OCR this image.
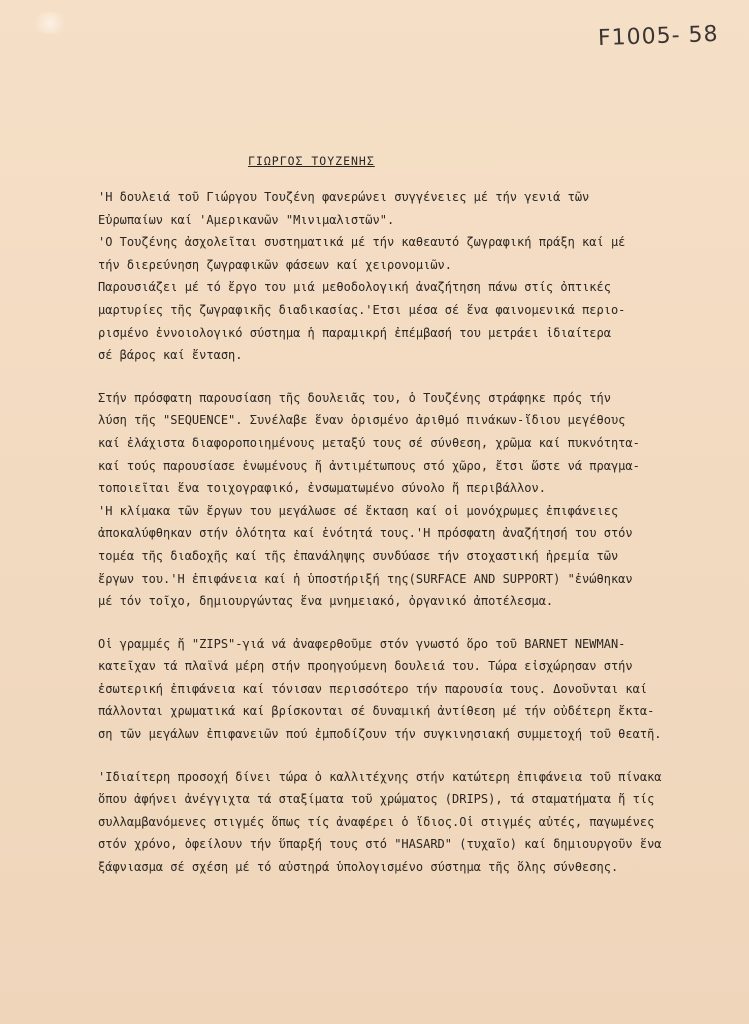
F1005- 58
ΓΙΩΡΓΟΣ ΤΟΥΖΕΝΗΣ
'Η δουλειά τοῦ Γιώργου Τουζένη φανερώνει συγγένειες μέ τήν γενιά τῶν
Εὐρωπαίων καί 'Αμερικανῶν "Μινιμαλιστῶν".
'Ο Τουζένης ἀσχολεῖται συστηματικά μέ τήν καθεαυτό ζωγραφική πράξη καί μέ
τήν διερεύνηση ζωγραφικῶν φάσεων καί χειρονομιῶν.
Παρουσιάζει μέ τό ἔργο του μιά μεθοδολογική ἀναζήτηση πάνω στίς ὀπτικές
μαρτυρίες τῆς ζωγραφικῆς διαδικασίας.'Ετσι μέσα σέ ἕνα φαινομενικά περιο-
ρισμένο ἐννοιολογικό σύστημα ἡ παραμικρή ἐπέμβασή του μετράει ἰδιαίτερα
σέ βάρος καί ἔνταση.
Στήν πρόσφατη παρουσίαση τῆς δουλειᾶς του, ὁ Τουζένης στράφηκε πρός τήν
λύση τῆς "SEQUENCE". Συνέλαβε ἕναν ὁρισμένο ἀριθμό πινάκων-ἴδιου μεγέθους
καί ἐλάχιστα διαφοροποιημένους μεταξύ τους σέ σύνθεση, χρῶμα καί πυκνότητα-
καί τούς παρουσίασε ἑνωμένους ἤ ἀντιμέτωπους στό χῶρο, ἔτσι ὥστε νά πραγμα-
τοποιεῖται ἕνα τοιχογραφικό, ἐνσωματωμένο σύνολο ἤ περιβάλλον.
'Η κλίμακα τῶν ἔργων του μεγάλωσε σέ ἔκταση καί οἱ μονόχρωμες ἐπιφάνειες
ἀποκαλύφθηκαν στήν ὁλότητα καί ἑνότητά τους.'Η πρόσφατη ἀναζήτησή του στόν
τομέα τῆς διαδοχῆς καί τῆς ἐπανάληψης συνδύασε τήν στοχαστική ἠρεμία τῶν
ἔργων του.'Η ἐπιφάνεια καί ἡ ὑποστήριξή της(SURFACE AND SUPPORT) "ἐνώθηκαν
μέ τόν τοῖχο, δημιουργώντας ἕνα μνημειακό, ὀργανικό ἀποτέλεσμα.
Οἱ γραμμές ἤ "ZIPS"-γιά νά ἀναφερθοῦμε στόν γνωστό ὅρο τοῦ BARNET NEWMAN-
κατεῖχαν τά πλαϊνά μέρη στήν προηγούμενη δουλειά του. Τώρα εἰσχώρησαν στήν
ἐσωτερική ἐπιφάνεια καί τόνισαν περισσότερο τήν παρουσία τους. Δονοῦνται καί
πάλλονται χρωματικά καί βρίσκονται σέ δυναμική ἀντίθεση μέ τήν οὐδέτερη ἔκτα-
ση τῶν μεγάλων ἐπιφανειῶν πού ἐμποδίζουν τήν συγκινησιακή συμμετοχή τοῦ θεατῆ.
'Ιδιαίτερη προσοχή δίνει τώρα ὁ καλλιτέχνης στήν κατώτερη ἐπιφάνεια τοῦ πίνακα
ὅπου ἀφήνει ἀνέγγιχτα τά σταξίματα τοῦ χρώματος (DRIPS), τά σταματήματα ἤ τίς
συλλαμβανόμενες στιγμές ὅπως τίς ἀναφέρει ὁ ἴδιος.Οἱ στιγμές αὐτές, παγωμένες
στόν χρόνο, ὀφείλουν τήν ὕπαρξή τους στό "HASARD" (τυχαῖο) καί δημιουργοῦν ἕνα
ξάφνιασμα σέ σχέση μέ τό αὐστηρά ὑπολογισμένο σύστημα τῆς ὅλης σύνθεσης.
